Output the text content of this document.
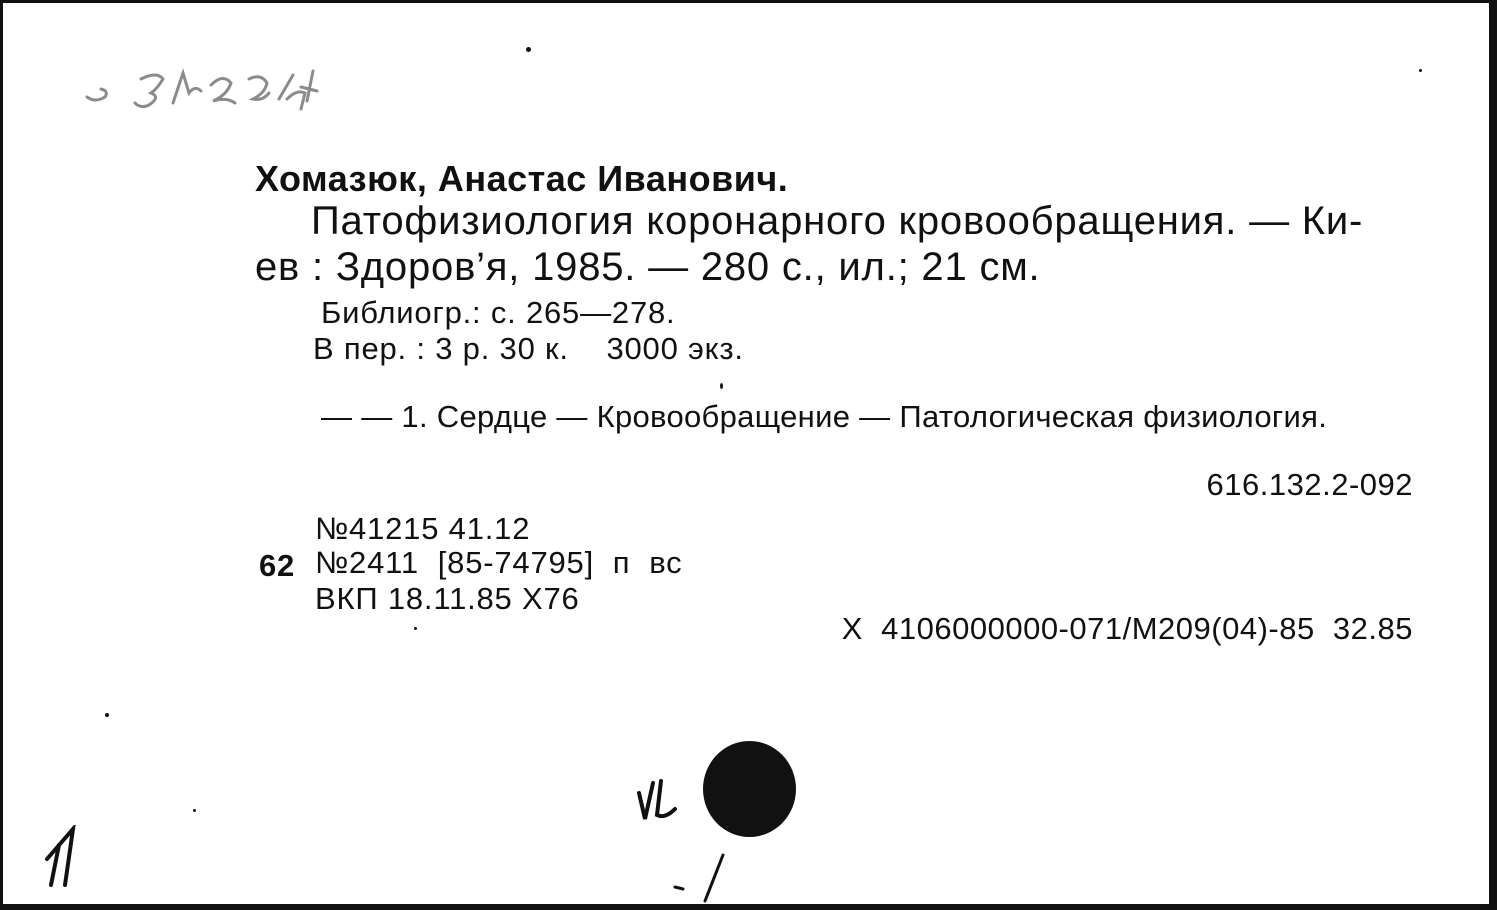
Хомазюк, Анастас Иванович.
Патофизиология коронарного кровообращения. — Ки-
ев : Здоров’я, 1985. — 280 с., ил.; 21 см.
Библиогр.: с. 265—278.
В пер. : 3 р. 30 к.    3000 экз.
— — 1. Сердце — Кровообращение — Патологическая физиология.
616.132.2-092
№41215 41.12
62 №2411  [85-74795]  п  вс
ВКП 18.11.85 X76
X  4106000000-071/М209(04)-85  32.85
